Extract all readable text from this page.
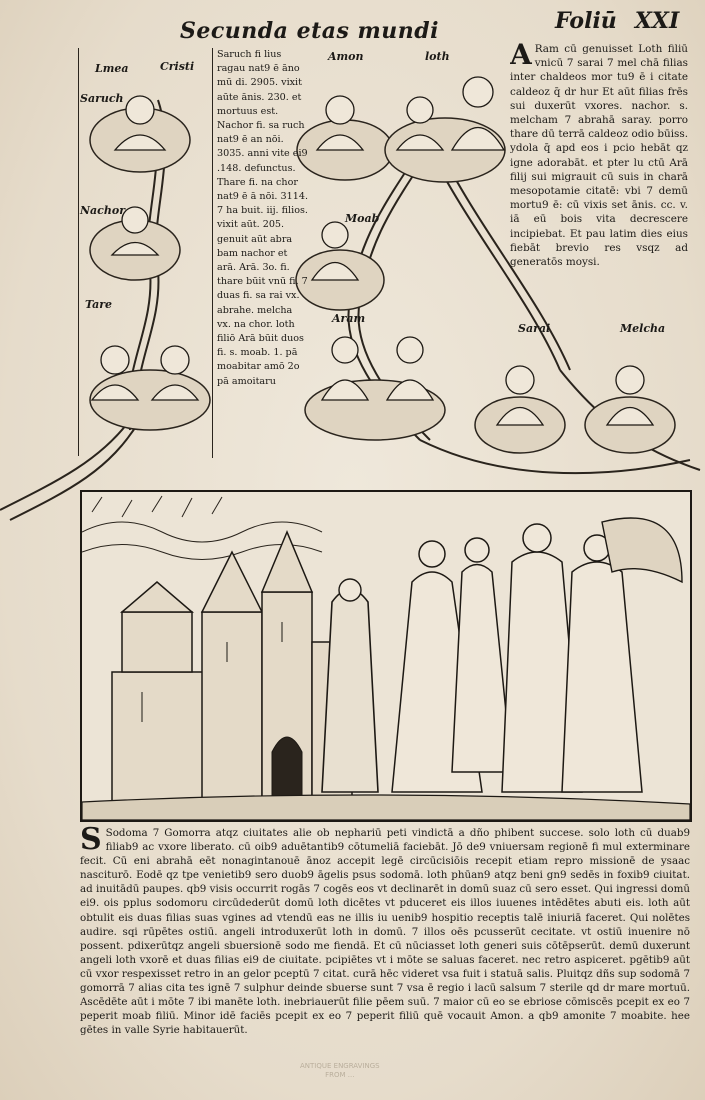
Secunda etas mundi	Foliū XXI
Lmea	Cristi
Saruch
Nachor
Tare
Amon	loth
Moab
Aram
Sarai	Melcha

Saruch fi lius ragau nat9 ē āno mū di. 2905. vixit aūte ānis. 230. et mortuus est. Nachor fi. sa ruch nat9 ē an nōi. 3035. anni vite ei9 .148. defunctus. Thare fi. na chor nat9 ē ā nōi. 3114. 7 ha buit. iij. filios. vixit aūt. 205. genuit aūt abra bam nachor et arā. Arā. 3o. fi. thare būit vnū fi. 7 duas fi. sa rai vx. abrahe. melcha vx. na chor. loth filiō Arā būit duos fi. s. moab. 1. pā moabitar amō 2o pā amoitaru

A Ram cū genuisset Loth filiū vnicū 7 sarai 7 mel chā filias inter chaldeos mor tu9 ē i citate caldeoz q̄ dr hur Et aūt filias frēs sui duxerūt vxores. nachor. s. melcham 7 abrahā saray. porro thare dū terrā caldeoz odio būiss. ydola q̄ apd eos i pcio hebāt qz igne adorabāt. et pter lu ctū Arā filij sui migrauit cū suis in charā mesopotamie citatē: vbi 7 demū mortu9 ē: cū vixis set ānis. cc. v. iā eū bois vita decrescere incipiebat. Et pau latim dies eius fiebāt brevio res vsqz ad generatōs moysi.
S Sodoma 7 Gomorra atqz ciuitates alie ob nephariū peti vindictā a dño phibent succese. solo loth cū duab9 filiab9 ac vxore liberato. cū oib9 aduētantib9 cōtumeliā faciebāt. Jō de9 vniuersam regionē fi mul exterminare fecit. Cū eni abrahā eēt nonagintanouē ānoz accepit legē circūcisiōis recepit etiam repro missionē de ysaac nasciturō. Eodē qz tpe venietib9 sero duob9 āgelis psus sodomā. loth phūan9 atqz beni gn9 sedēs in foxib9 ciuitat. ad inuitādū paupes. qb9 visis occurrit rogās 7 cogēs eos vt declinarēt in domū suaz cū sero esset. Qui ingressi domū ei9. ois pplus sodomoru circūdederūt domū loth dicētes vt pduceret eis illos iuuenes intēdētes abuti eis. loth aūt obtulit eis duas filias suas vgines ad vtendū eas ne illis iu uenib9 hospitio receptis talē iniuriā faceret. Qui nolētes audire. sqi rūpētes ostiū. angeli introduxerūt loth in domū. 7 illos oēs pcusserūt cecitate. vt ostiū inuenire nō possent. pdixerūtqz angeli sbuersionē sodo me fiendā. Et cū nūciasset loth generi suis cōtēpserūt. demū duxerunt angeli loth vxorē et duas filias ei9 de ciuitate. pcipiētes vt i mōte se saluas faceret. nec retro aspiceret. pgētib9 aūt cū vxor respexisset retro in an gelor pceptū 7 citat. curā hēc videret vsa fuit i statuā salis. Pluitqz dñs sup sodomā 7 gomorrā 7 alias cita tes ignē 7 sulphur deinde sbuerse sunt 7 vsa ē regio i lacū salsum 7 sterile qd dr mare mortuū. Ascēdēte aūt i mōte 7 ibi manēte loth. inebriauerūt filie pēem suū. 7 maior cū eo se ebriose cōmiscēs pcepit ex eo 7 peperit moab filiū. Minor idē faciēs pcepit ex eo 7 peperit filiū quē vocauit Amon. a qb9 amonite 7 moabite. hee gētes in valle Syrie habitauerūt.
ANTIQUE ENGRAVINGS
FROM ...
